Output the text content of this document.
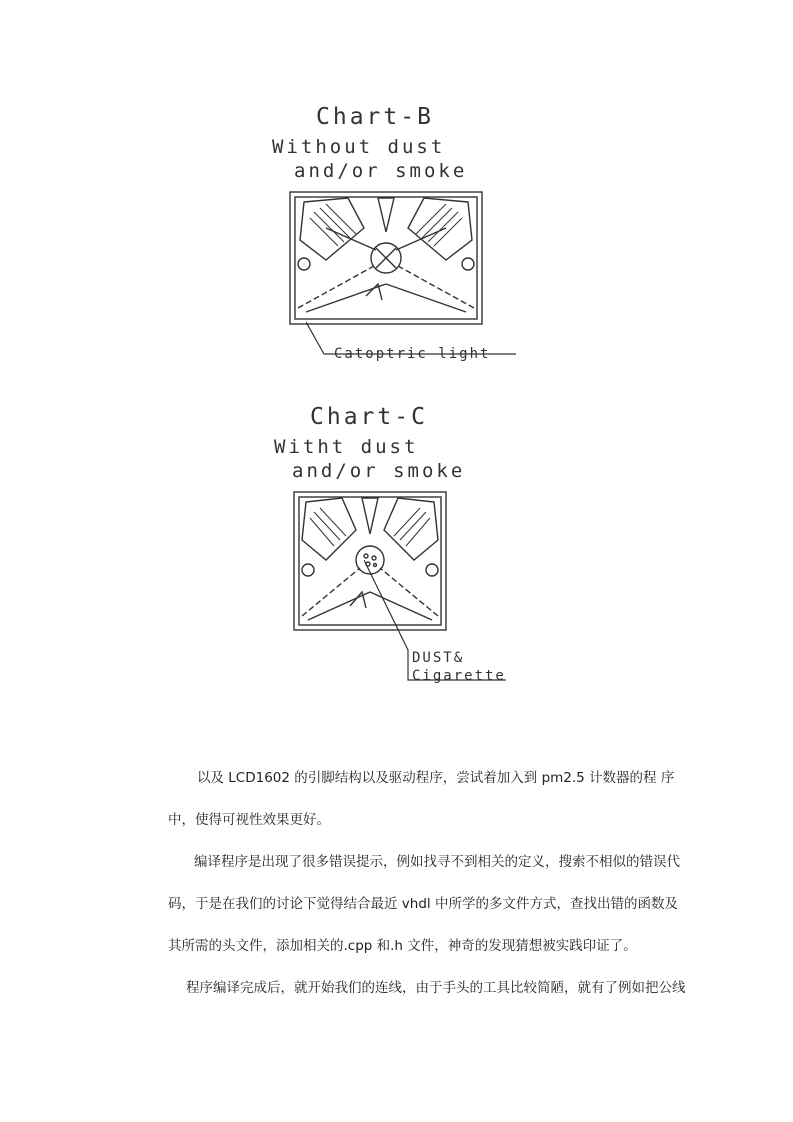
Chart-B
Without dust
and/or smoke
Catoptric light
Chart-C
Witht dust
and/or smoke
DUST&
Cigarette
以及 LCD1602 的引脚结构以及驱动程序，尝试着加入到 pm2.5 计数器的程 序
中，使得可视性效果更好。
编译程序是出现了很多错误提示，例如找寻不到相关的定义，搜索不相似的错误代
码，于是在我们的讨论下觉得结合最近 vhdl 中所学的多文件方式，查找出错的函数及
其所需的头文件，添加相关的.cpp 和.h 文件，神奇的发现猜想被实践印证了。
程序编译完成后，就开始我们的连线，由于手头的工具比较简陋，就有了例如把公线
